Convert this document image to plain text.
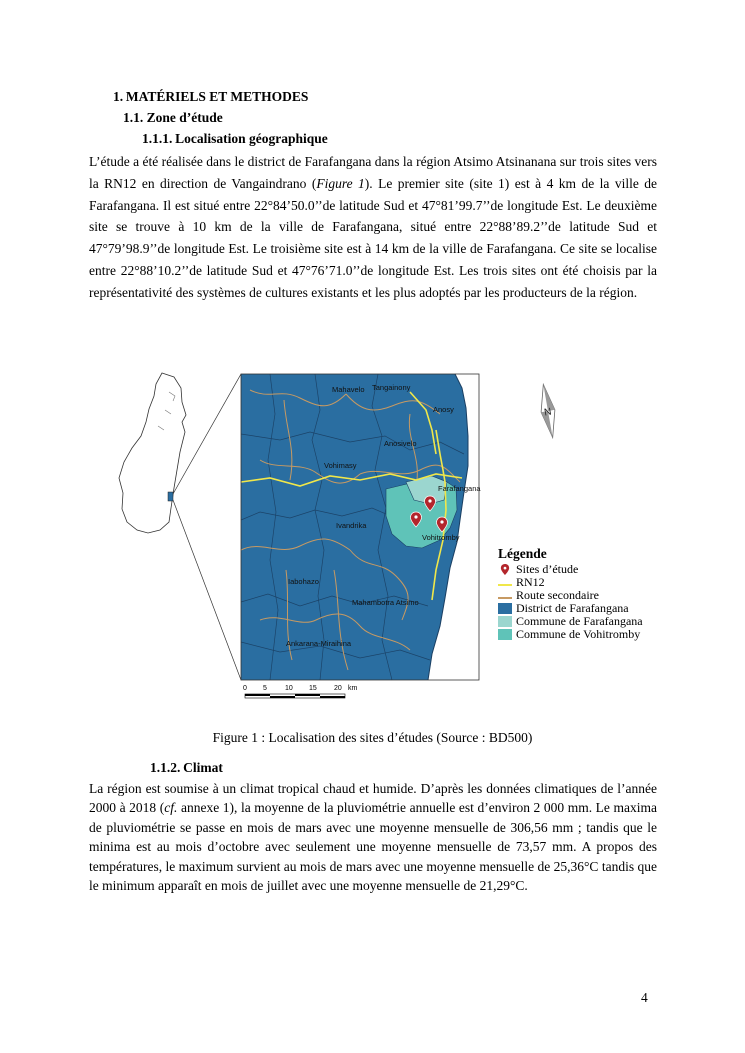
1. MATÉRIELS ET METHODES
1.1. Zone d’étude
1.1.1. Localisation géographique

L’étude a été réalisée dans le district de Farafangana dans la région Atsimo Atsinanana sur trois sites vers la RN12 en direction de Vangaindrano (Figure 1). Le premier site (site 1) est à 4 km de la ville de Farafangana. Il est situé entre 22°84’50.0’’de latitude Sud et 47°81’99.7’’de longitude Est. Le deuxième site se trouve à 10 km de la ville de Farafangana, situé entre 22°88’89.2’’de latitude Sud et 47°79’98.9’’de longitude Est. Le troisième site est à 14 km de la ville de Farafangana. Ce site se localise entre 22°88’10.2’’de latitude Sud et 47°76’71.0’’de longitude Est. Les trois sites ont été choisis par la représentativité des systèmes de cultures existants et les plus adoptés par les producteurs de la région.

Mahavelo Tangainony
Anosy
Anosivelo
Vohimasy
Farafangana
Ivandrika
Vohitromby
Iabohazo
Mahambotra Atsimo
Ankarana-Miraihina
0 5	10 15 20 km
N
Légende
Sites d’étude
RN12
Route secondaire
District de Farafangana
Commune de Farafangana
Commune de Vohitromby
Figure 1 : Localisation des sites d’études (Source : BD500)
1.1.2. Climat

La région est soumise à un climat tropical chaud et humide. D’après les données climatiques de l’année 2000 à 2018 (cf. annexe 1), la moyenne de la pluviométrie annuelle est d’environ 2 000 mm. Le maxima de pluviométrie se passe en mois de mars avec une moyenne mensuelle de 306,56 mm ; tandis que le minima est au mois d’octobre avec seulement une moyenne mensuelle de 73,57 mm. A propos des températures, le maximum survient au mois de mars avec une moyenne mensuelle de 25,36°C tandis que le minimum apparaît en mois de juillet avec une moyenne mensuelle de 21,29°C.

4
